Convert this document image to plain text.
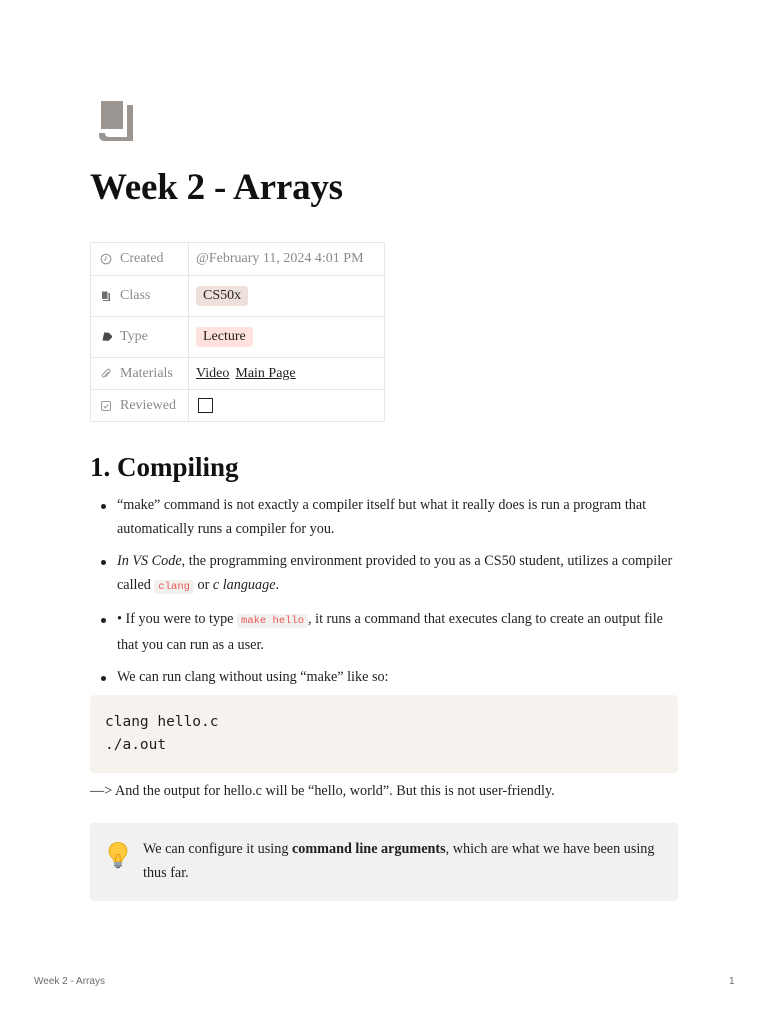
Week 2 - Arrays
Created	@February 11, 2024 4:01 PM

Class	CS50x

Type	Lecture

Materials	Video Main Page

Reviewed	

1. Compiling
“make” command is not exactly a compiler itself but what it really does is run a program that automatically runs a compiler for you.
In VS Code, the programming environment provided to you as a CS50 student, utilizes a compiler called clang or c language.
• If you were to type make hello , it runs a command that executes clang to create an output file that you can run as a user.
We can run clang without using “make” like so:
clang hello.c
./a.out
—> And the output for hello.c will be “hello, world”. But this is not user-friendly.
We can configure it using command line arguments, which are what we have been using thus far.
Week 2 - Arrays	1
